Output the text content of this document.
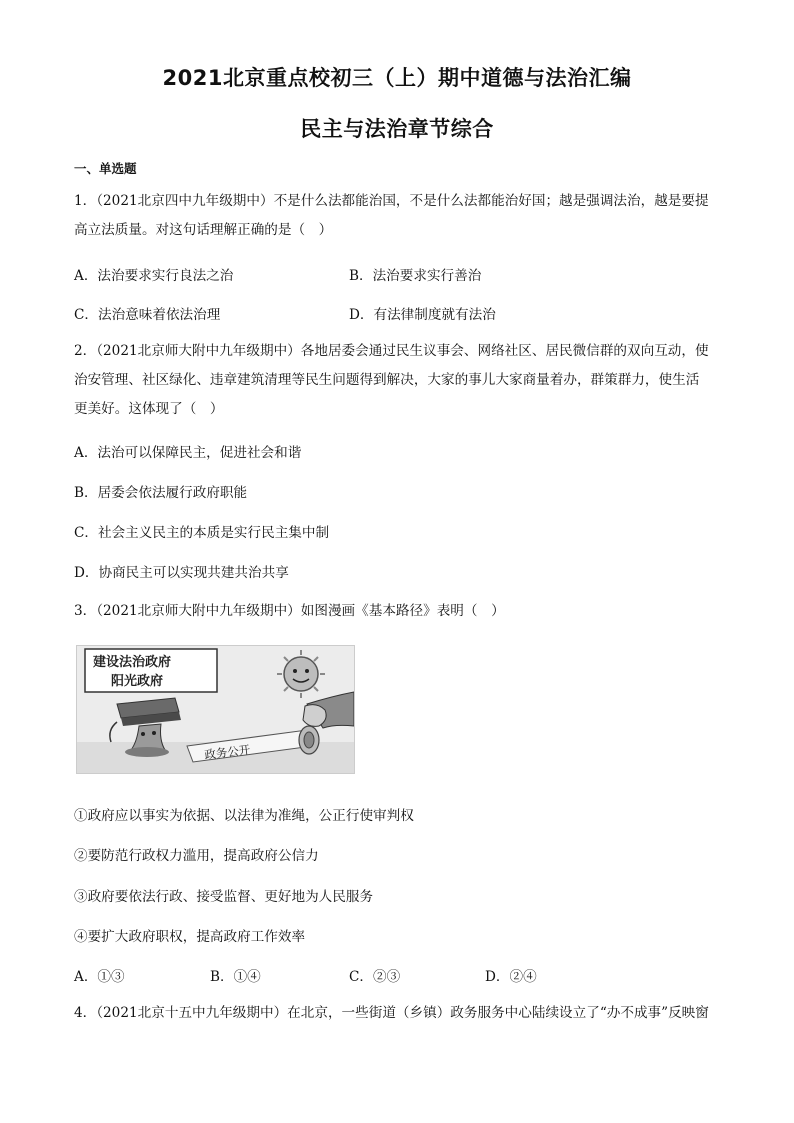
2021北京重点校初三（上）期中道德与法治汇编
民主与法治章节综合
一、单选题
1．（2021北京四中九年级期中）不是什么法都能治国，不是什么法都能治好国；越是强调法治，越是要提
高立法质量。对这句话理解正确的是（　）
A．法治要求实行良法之治	B．法治要求实行善治
C．法治意味着依法治理	D．有法律制度就有法治
2．（2021北京师大附中九年级期中）各地居委会通过民生议事会、网络社区、居民微信群的双向互动，使
治安管理、社区绿化、违章建筑清理等民生问题得到解决，大家的事儿大家商量着办，群策群力，使生活
更美好。这体现了（　）
A．法治可以保障民主，促进社会和谐
B．居委会依法履行政府职能
C．社会主义民主的本质是实行民主集中制
D．协商民主可以实现共建共治共享
3．（2021北京师大附中九年级期中）如图漫画《基本路径》表明（　）
政务公开
建设法治政府
阳光政府
①政府应以事实为依据、以法律为准绳，公正行使审判权
②要防范行政权力滥用，提高政府公信力
③政府要依法行政、接受监督、更好地为人民服务
④要扩大政府职权，提高政府工作效率
A．①③	B．①④	C．②③	D．②④
4．（2021北京十五中九年级期中）在北京，一些街道（乡镇）政务服务中心陆续设立了“办不成事”反映窗
